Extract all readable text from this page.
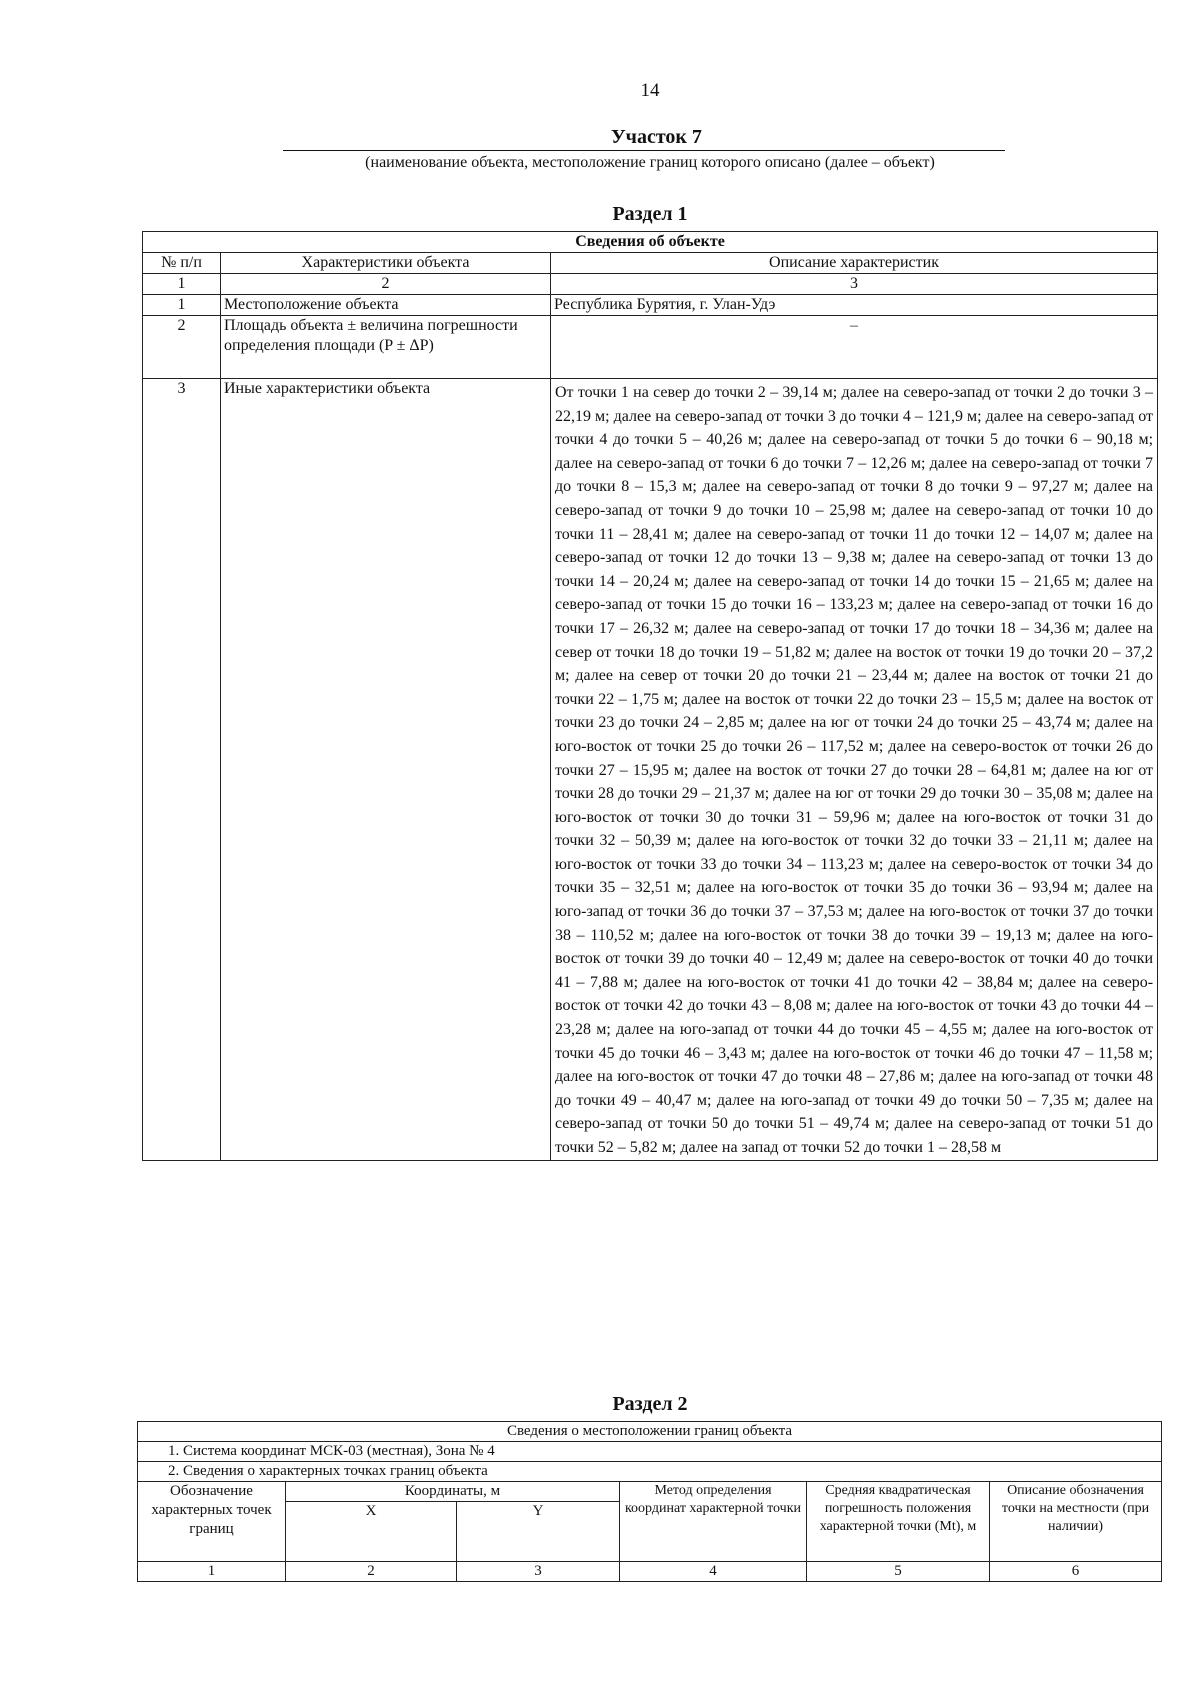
14
Участок 7
(наименование объекта, местоположение границ которого описано (далее – объект)
Раздел 1
Сведения об объекте		
№ п/п	Характеристики объекта	Описание характеристик
1	2	3
1	Местоположение объекта	Республика Бурятия, г. Улан-Удэ
2	Площадь объекта ± величина погрешности определения площади (P ± ΔP)	–

3	Иные характеристики объекта	От точки 1 на север до точки 2 – 39,14 м; далее на северо-запад от точки 2 до точки 3 – 22,19 м; далее на северо-запад от точки 3 до точки 4 – 121,9 м; далее на северо-запад от точки 4 до точки 5 – 40,26 м; далее на северо-запад от точки 5 до точки 6 – 90,18 м; далее на северо-запад от точки 6 до точки 7 – 12,26 м; далее на северо-запад от точки 7 до точки 8 – 15,3 м; далее на северо-запад от точки 8 до точки 9 – 97,27 м; далее на северо-запад от точки 9 до точки 10 – 25,98 м; далее на северо-запад от точки 10 до точки 11 – 28,41 м; далее на северо-запад от точки 11 до точки 12 – 14,07 м; далее на северо-запад от точки 12 до точки 13 – 9,38 м; далее на северо-запад от точки 13 до точки 14 – 20,24 м; далее на северо-запад от точки 14 до точки 15 – 21,65 м; далее на северо-запад от точки 15 до точки 16 – 133,23 м; далее на северо-запад от точки 16 до точки 17 – 26,32 м; далее на северо-запад от точки 17 до точки 18 – 34,36 м; далее на север от точки 18 до точки 19 – 51,82 м; далее на восток от точки 19 до точки 20 – 37,2 м; далее на север от точки 20 до точки 21 – 23,44 м; далее на восток от точки 21 до точки 22 – 1,75 м; далее на восток от точки 22 до точки 23 – 15,5 м; далее на восток от точки 23 до точки 24 – 2,85 м; далее на юг от точки 24 до точки 25 – 43,74 м; далее на юго-восток от точки 25 до точки 26 – 117,52 м; далее на северо-восток от точки 26 до точки 27 – 15,95 м; далее на восток от точки 27 до точки 28 – 64,81 м; далее на юг от точки 28 до точки 29 – 21,37 м; далее на юг от точки 29 до точки 30 – 35,08 м; далее на юго-восток от точки 30 до точки 31 – 59,96 м; далее на юго-восток от точки 31 до точки 32 – 50,39 м; далее на юго-восток от точки 32 до точки 33 – 21,11 м; далее на юго-восток от точки 33 до точки 34 – 113,23 м; далее на северо-восток от точки 34 до точки 35 – 32,51 м; далее на юго-восток от точки 35 до точки 36 – 93,94 м; далее на юго-запад от точки 36 до точки 37 – 37,53 м; далее на юго-восток от точки 37 до точки 38 – 110,52 м; далее на юго-восток от точки 38 до точки 39 – 19,13 м; далее на юго-восток от точки 39 до точки 40 – 12,49 м; далее на северо-восток от точки 40 до точки 41 – 7,88 м; далее на юго-восток от точки 41 до точки 42 – 38,84 м; далее на северо-восток от точки 42 до точки 43 – 8,08 м; далее на юго-восток от точки 43 до точки 44 – 23,28 м; далее на юго-запад от точки 44 до точки 45 – 4,55 м; далее на юго-восток от точки 45 до точки 46 – 3,43 м; далее на юго-восток от точки 46 до точки 47 – 11,58 м; далее на юго-восток от точки 47 до точки 48 – 27,86 м; далее на юго-запад от точки 48 до точки 49 – 40,47 м; далее на юго-запад от точки 49 до точки 50 – 7,35 м; далее на северо-запад от точки 50 до точки 51 – 49,74 м; далее на северо-запад от точки 51 до точки 52 – 5,82 м; далее на запад от точки 52 до точки 1 – 28,58 м
Раздел 2
Сведения о местоположении границ объекта					
1. Система координат МСК-03 (местная), Зона № 4					
2. Сведения о характерных точках границ объекта					
Обозначение характерных точек границ	Координаты, м		Метод определения координат характерной точки	Средняя квадратическая погрешность положения характерной точки (Mt), м	Описание обозначения точки на местности (при наличии)
	X	Y			
1	2	3	4	5	6
